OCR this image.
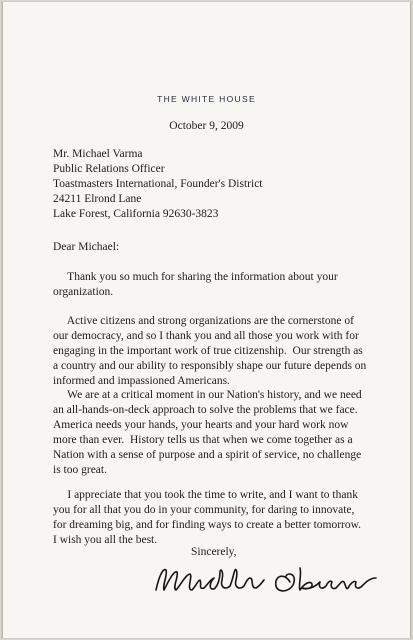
THE WHITE HOUSE
October 9, 2009
Mr. Michael Varma
Public Relations Officer
Toastmasters International, Founder's District
24211 Elrond Lane
Lake Forest, California 92630-3823
Dear Michael:
Thank you so much for sharing the information about your
organization.
Active citizens and strong organizations are the cornerstone of
our democracy, and so I thank you and all those you work with for
engaging in the important work of true citizenship.  Our strength as
a country and our ability to responsibly shape our future depends on
informed and impassioned Americans.
We are at a critical moment in our Nation's history, and we need
an all-hands-on-deck approach to solve the problems that we face.
America needs your hands, your hearts and your hard work now
more than ever.  History tells us that when we come together as a
Nation with a sense of purpose and a spirit of service, no challenge
is too great.
I appreciate that you took the time to write, and I want to thank
you for all that you do in your community, for daring to innovate,
for dreaming big, and for finding ways to create a better tomorrow.
I wish you all the best.
Sincerely,
